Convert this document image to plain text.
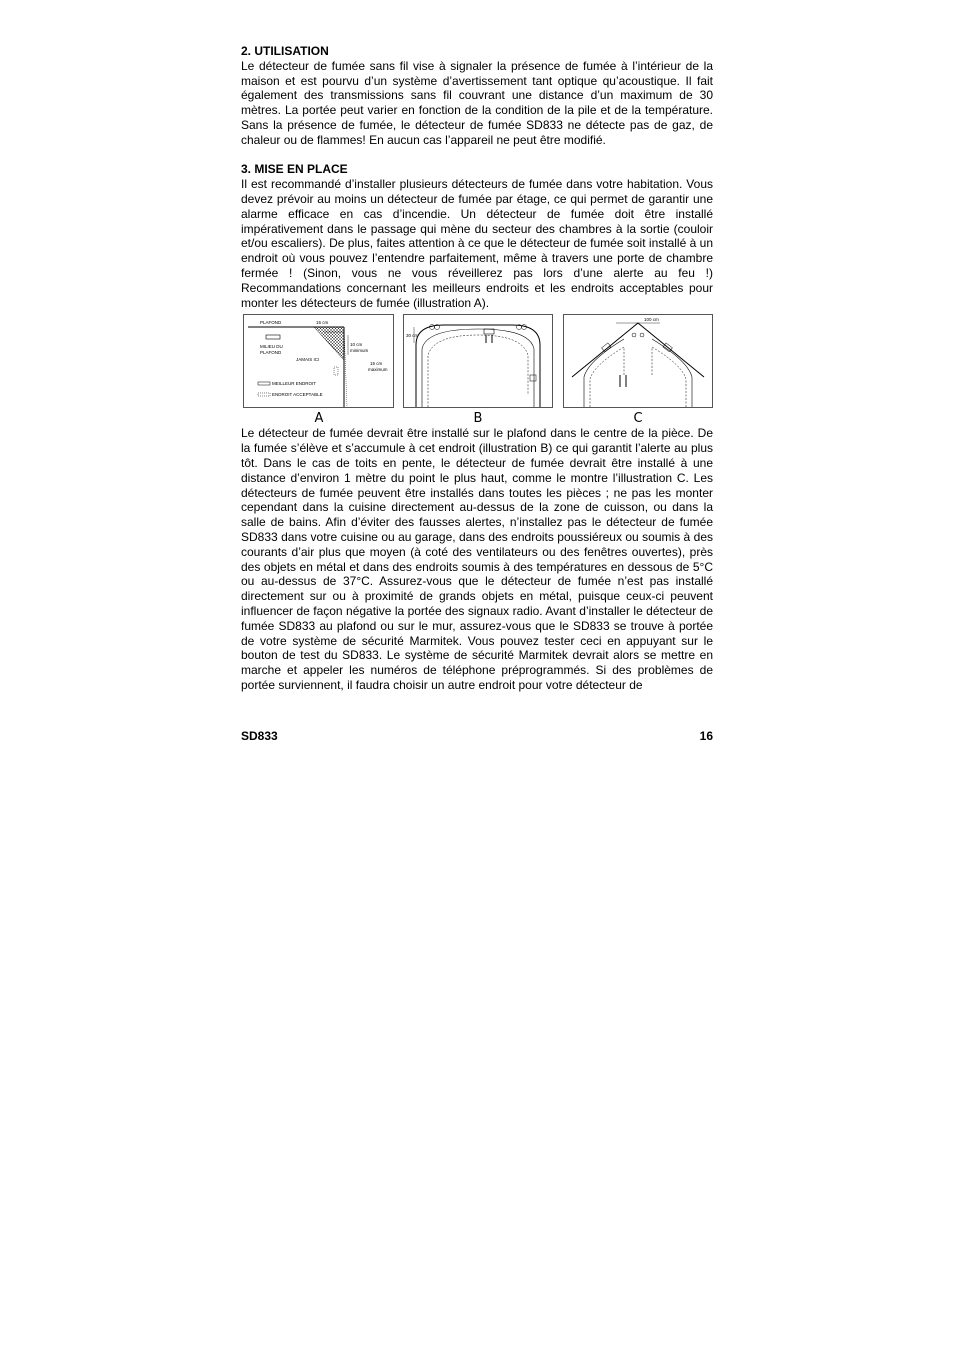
2. UTILISATION

Le détecteur de fumée sans fil vise à signaler la présence de fumée à l’intérieur de la maison et est pourvu d’un système d’avertissement tant optique qu’acoustique. Il fait également des transmissions sans fil couvrant une distance d’un maximum de 30 mètres. La portée peut varier en fonction de la condition de la pile et de la température. Sans la présence de fumée, le détecteur de fumée SD833 ne détecte pas de gaz, de chaleur ou de flammes! En aucun cas l’appareil ne peut être modifié.

3. MISE EN PLACE

Il est recommandé d’installer plusieurs détecteurs de fumée dans votre habitation. Vous devez prévoir au moins un détecteur de fumée par étage, ce qui permet de garantir une alarme efficace en cas d’incendie. Un détecteur de fumée doit être installé impérativement dans le passage qui mène du secteur des chambres à la sortie (couloir et/ou escaliers). De plus, faites attention à ce que le détecteur de fumée soit installé à un endroit où vous pouvez l’entendre parfaitement, même à travers une porte de chambre fermée ! (Sinon, vous ne vous réveillerez pas lors d’une alerte au feu !) Recommandations concernant les meilleurs endroits et les endroits acceptables pour monter les détecteurs de fumée (illustration A).

PLAFOND
MILIEU DU
PLAFOND
JAMAIS ICI
15 cm
10 cm
minimum
15 cm
maximum
MEILLEUR ENDROIT
ENDROIT ACCEPTABLE
A
30 cm
B
100 cm
C

Le détecteur de fumée devrait être installé sur le plafond dans le centre de la pièce. De la fumée s’élève et s’accumule à cet endroit (illustration B) ce qui garantit l’alerte au plus tôt. Dans le cas de toits en pente, le détecteur de fumée devrait être installé à une distance d’environ 1 mètre du point le plus haut, comme le montre l’illustration C. Les détecteurs de fumée peuvent être installés dans toutes les pièces ; ne pas les monter cependant dans la cuisine directement au-dessus de la zone de cuisson, ou dans la salle de bains. Afin d’éviter des fausses alertes, n’installez pas le détecteur de fumée SD833 dans votre cuisine ou au garage, dans des endroits poussiéreux ou soumis à des courants d’air plus que moyen (à coté des ventilateurs ou des fenêtres ouvertes), près des objets en métal et dans des endroits soumis à des températures en dessous de 5°C ou au-dessus de 37°C. Assurez-vous que le détecteur de fumée n’est pas installé directement sur ou à proximité de grands objets en métal, puisque ceux-ci peuvent influencer de façon négative la portée des signaux radio. Avant d’installer le détecteur de fumée SD833 au plafond ou sur le mur, assurez-vous que le SD833 se trouve à portée de votre système de sécurité Marmitek. Vous pouvez tester ceci en appuyant sur le bouton de test du SD833. Le système de sécurité Marmitek devrait alors se mettre en marche et appeler les numéros de téléphone préprogrammés. Si des problèmes de portée surviennent, il faudra choisir un autre endroit pour votre détecteur de

SD833	16
